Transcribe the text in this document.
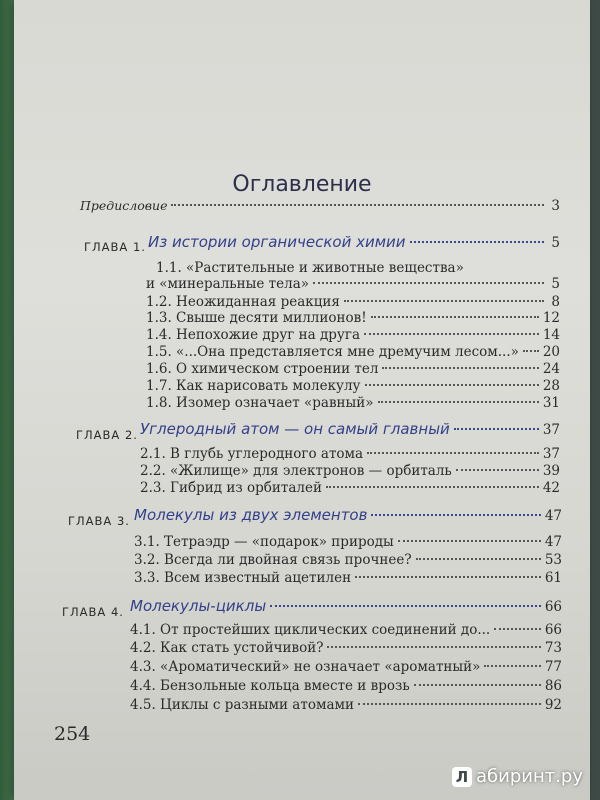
Оглавление
Предисловие	3
ГЛАВА 1. Из истории органической химии	5
1.1. «Растительные и животные вещества»
и «минеральные тела»	5
1.2. Неожиданная реакция	8
1.3. Свыше десяти миллионов!	12
1.4. Непохожие друг на друга	14
1.5. «...Она представляется мне дремучим лесом...» 20
1.6. О химическом строении тел	24
1.7. Как нарисовать молекулу	28
1.8. Изомер означает «равный»	31
ГЛАВА 2. Углеродный атом — он самый главный	37
2.1. В глубь углеродного атома	37
2.2. «Жилище» для электронов — орбиталь	39
2.3. Гибрид из орбиталей	42
ГЛАВА 3. Молекулы из двух элементов	47
3.1. Тетраэдр — «подарок» природы	47
3.2. Всегда ли двойная связь прочнее?	53
3.3. Всем известный ацетилен	61
ГЛАВА 4. Молекулы-циклы	66
4.1. От простейших циклических соединений до...	66
4.2. Как стать устойчивой?	73
4.3. «Ароматический» не означает «ароматный»	77
4.4. Бензольные кольца вместе и врозь	86
4.5. Циклы с разными атомами	92
254
Л абиринт.ру
